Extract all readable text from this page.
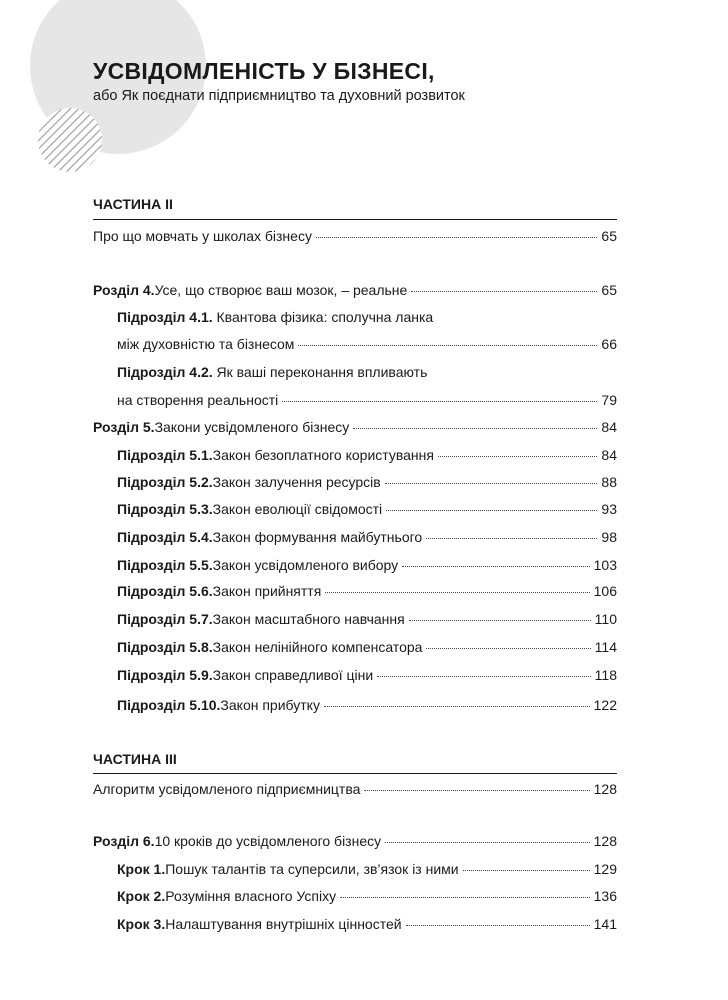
УСВІДОМЛЕНІСТЬ У БІЗНЕСІ,

або Як поєднати підприємництво та духовний розвиток

ЧАСТИНА ІІ
Про що мовчать у школах бізнесу	65
Розділ 4. Усе, що створює ваш мозок, – реальне	65
Підрозділ 4.1. Квантова фізика: сполучна ланка
між духовністю та бізнесом	66
Підрозділ 4.2. Як ваші переконання впливають
на створення реальності	79
Розділ 5. Закони усвідомленого бізнесу	84
Підрозділ 5.1. Закон безоплатного користування	84
Підрозділ 5.2. Закон залучення ресурсів	88
Підрозділ 5.3. Закон еволюції свідомості	93
Підрозділ 5.4. Закон формування майбутнього	98
Підрозділ 5.5. Закон усвідомленого вибору	103
Підрозділ 5.6. Закон прийняття	106
Підрозділ 5.7. Закон масштабного навчання	110
Підрозділ 5.8. Закон нелінійного компенсатора	114
Підрозділ 5.9. Закон справедливої ціни	118
Підрозділ 5.10. Закон прибутку	122
ЧАСТИНА ІІІ
Алгоритм усвідомленого підприємництва	128
Розділ 6. 10 кроків до усвідомленого бізнесу	128
Крок 1. Пошук талантів та суперсили, зв’язок із ними	129
Крок 2. Розуміння власного Успіху	136
Крок 3. Налаштування внутрішніх цінностей	141
